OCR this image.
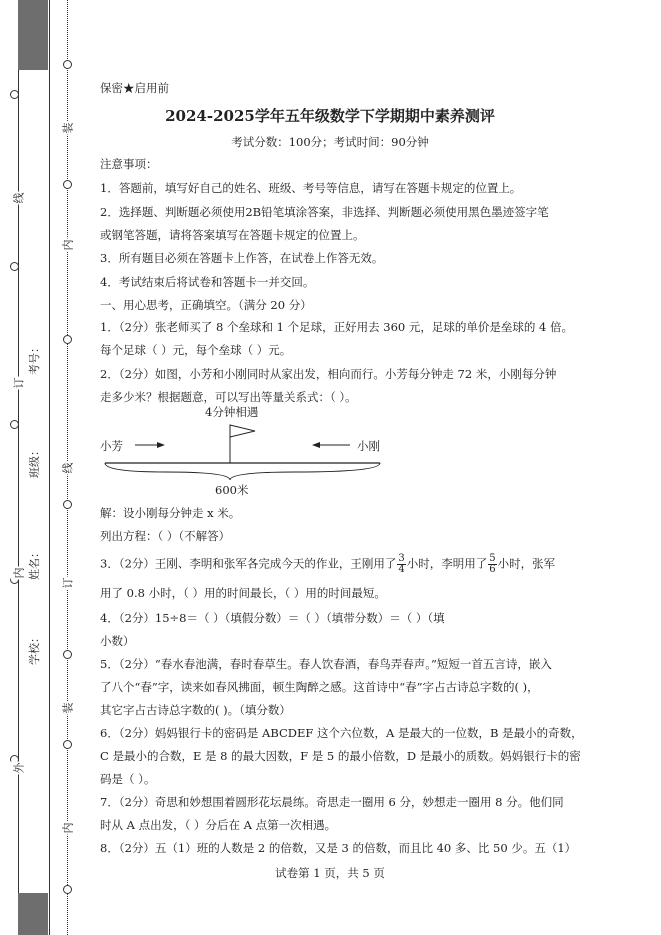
线
订
内
外
学校：
姓名：
班级：
考号：
装
内
线
订
装
内
保密★启用前
2024-2025学年五年级数学下学期期中素养测评
考试分数：100分；考试时间：90分钟
注意事项：
1．答题前，填写好自己的姓名、班级、考号等信息，请写在答题卡规定的位置上。
2．选择题、判断题必须使用2B铅笔填涂答案，非选择、判断题必须使用黑色墨迹签字笔
或钢笔答题，请将答案填写在答题卡规定的位置上。
3．所有题目必须在答题卡上作答，在试卷上作答无效。
4．考试结束后将试卷和答题卡一并交回。
一、用心思考，正确填空。（满分 20 分）
1．（2分）张老师买了 8 个垒球和 1 个足球，正好用去 360 元，足球的单价是垒球的 4 倍。
每个足球（ ）元，每个垒球（ ）元。
2．（2分）如图，小芳和小刚同时从家出发，相向而行。小芳每分钟走 72 米，小刚每分钟
走多少米？根据题意，可以写出等量关系式：（ ）。
4分钟相遇
小芳	小刚
600米
解：设小刚每分钟走 x 米。
列出方程：（ ）（不解答）
3．（2分）王刚、李明和张军各完成今天的作业，王刚用了 $\frac{3}{4}$ 小时，李明用了 $\frac{5}{6}$ 小时，张军
用了 0.8 小时，（ ）用的时间最长，（ ）用的时间最短。
4．（2分）15÷8＝（ ）（填假分数）＝（ ）（填带分数）＝（ ）（填
小数）
5．（2分）“春水春池满，春时春草生。春人饮春酒，春鸟弄春声。”短短一首五言诗，嵌入
了八个“春”字，读来如春风拂面，顿生陶醉之感。这首诗中“春”字占古诗总字数的( )，
其它字占古诗总字数的( )。（填分数）
6．（2分）妈妈银行卡的密码是 ABCDEF 这个六位数，A 是最大的一位数，B 是最小的奇数，
C 是最小的合数，E 是 8 的最大因数，F 是 5 的最小倍数，D 是最小的质数。妈妈银行卡的密
码是（ ）。
7．（2分）奇思和妙想围着圆形花坛晨练。奇思走一圈用 6 分，妙想走一圈用 8 分。他们同
时从 A 点出发，（ ）分后在 A 点第一次相遇。
8．（2分）五（1）班的人数是 2 的倍数，又是 3 的倍数，而且比 40 多、比 50 少。五（1）
试卷第 1 页，共 5 页
